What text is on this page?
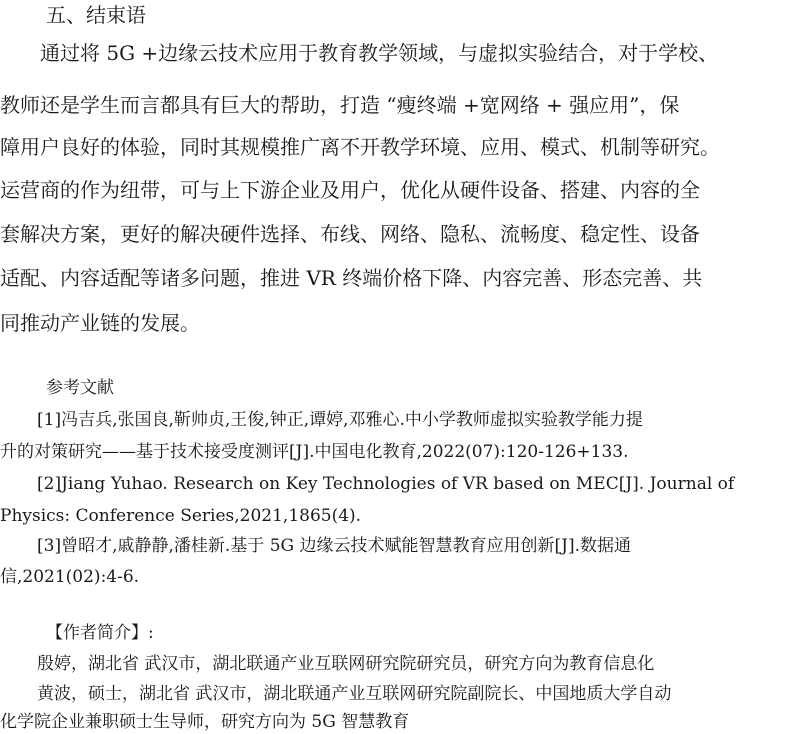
五、结束语
　　通过将 5G +边缘云技术应用于教育教学领域，与虚拟实验结合，对于学校、
教师还是学生而言都具有巨大的帮助，打造 “瘦终端 +宽网络 + 强应用”，保
障用户良好的体验，同时其规模推广离不开教学环境、应用、模式、机制等研究。
运营商的作为纽带，可与上下游企业及用户，优化从硬件设备、搭建、内容的全
套解决方案，更好的解决硬件选择、布线、网络、隐私、流畅度、稳定性、设备
适配、内容适配等诸多问题，推进 VR 终端价格下降、内容完善、形态完善、共
同推动产业链的发展。
参考文献
[1]冯吉兵,张国良,靳帅贞,王俊,钟正,谭婷,邓雅心.中小学教师虚拟实验教学能力提
升的对策研究——基于技术接受度测评[J].中国电化教育,2022(07):120-126+133.
[2]Jiang Yuhao. Research on Key Technologies of VR based on MEC[J]. Journal of
Physics: Conference Series,2021,1865(4).
[3]曾昭才,戚静静,潘桂新.基于 5G 边缘云技术赋能智慧教育应用创新[J].数据通
信,2021(02):4-6.
【作者简介】:
殷婷，湖北省 武汉市，湖北联通产业互联网研究院研究员，研究方向为教育信息化
黄波，硕士，湖北省 武汉市，湖北联通产业互联网研究院副院长、中国地质大学自动
化学院企业兼职硕士生导师，研究方向为 5G 智慧教育
